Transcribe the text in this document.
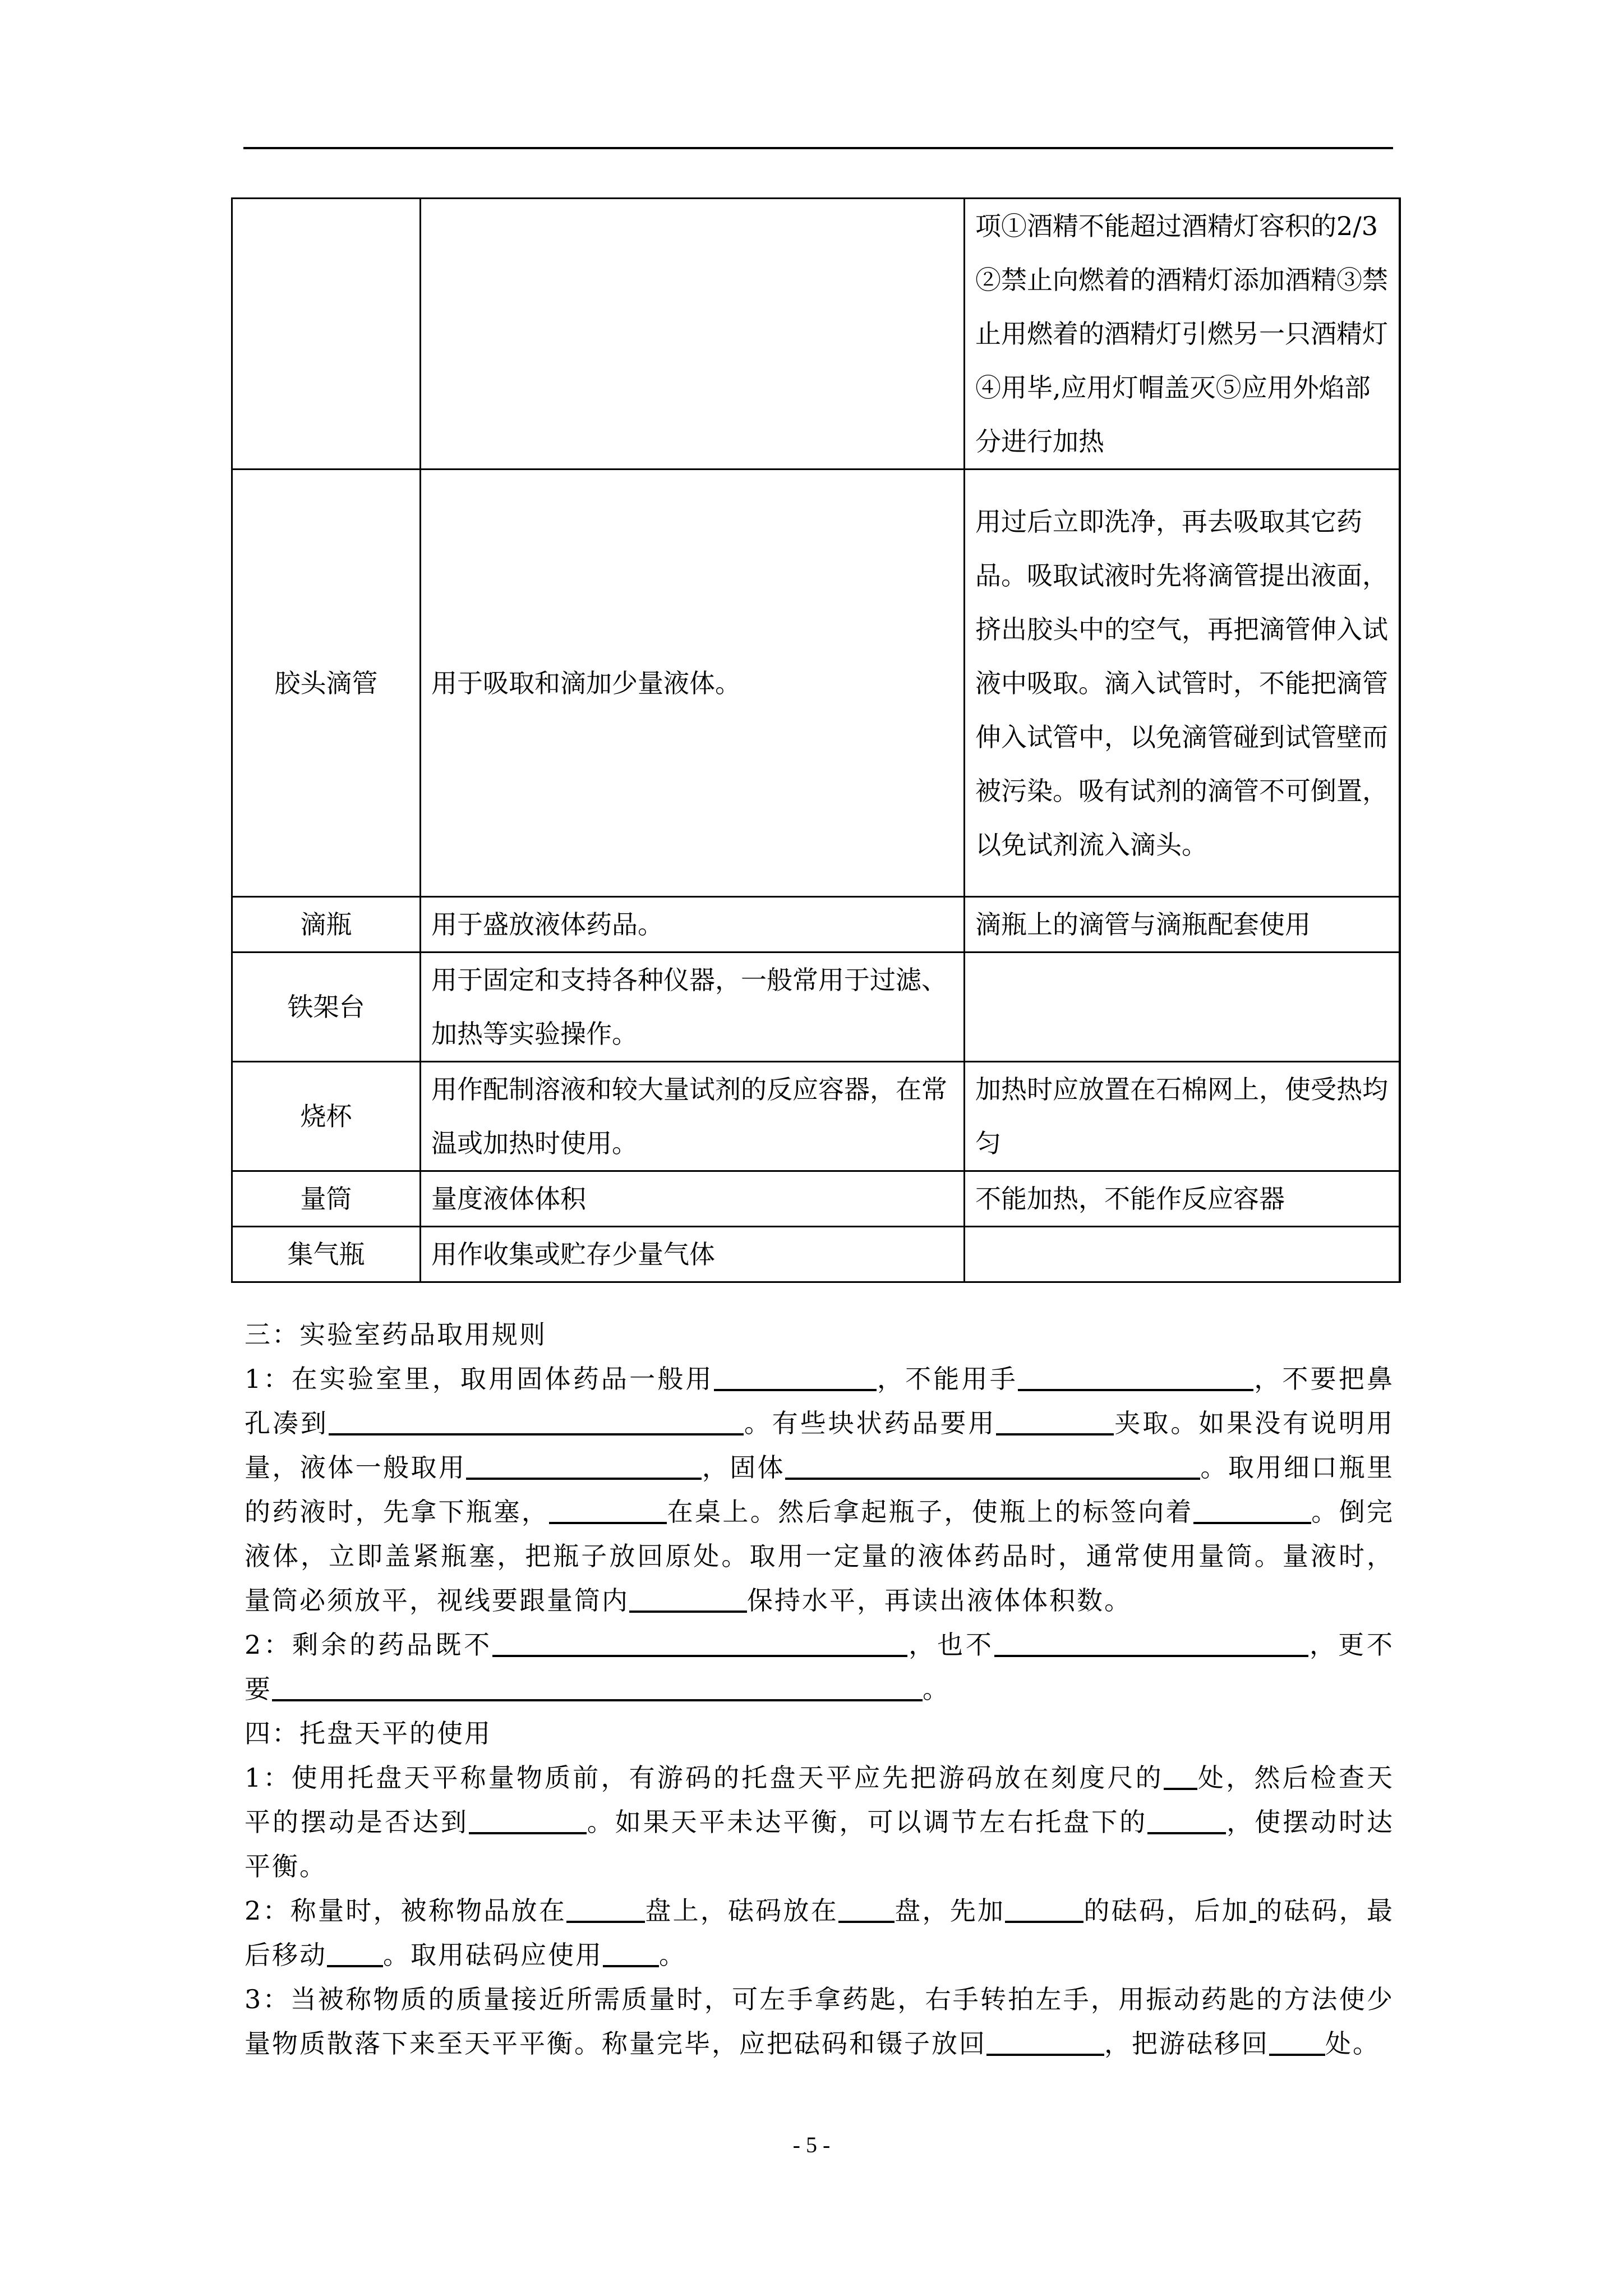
		项①酒精不能超过酒精灯容积的2/3②禁止向燃着的酒精灯添加酒精③禁止用燃着的酒精灯引燃另一只酒精灯④用毕,应用灯帽盖灭⑤应用外焰部分进行加热
胶头滴管	用于吸取和滴加少量液体。	用过后立即洗净，再去吸取其它药品。吸取试液时先将滴管提出液面，挤出胶头中的空气，再把滴管伸入试液中吸取。滴入试管时，不能把滴管伸入试管中，以免滴管碰到试管壁而被污染。吸有试剂的滴管不可倒置，以免试剂流入滴头。
滴瓶	用于盛放液体药品。	滴瓶上的滴管与滴瓶配套使用
铁架台	用于固定和支持各种仪器，一般常用于过滤、加热等实验操作。	
烧杯	用作配制溶液和较大量试剂的反应容器，在常温或加热时使用。	加热时应放置在石棉网上，使受热均匀
量筒	量度液体体积	不能加热，不能作反应容器
集气瓶	用作收集或贮存少量气体	

三：实验室药品取用规则

1：在实验室里，取用固体药品一般用	，不能用手	，不要把鼻孔凑到	。有些块状药品要用	夹取。如果没有说明用量，液体一般取用	，固体	。取用细口瓶里的药液时，先拿下瓶塞，	在桌上。然后拿起瓶子，使瓶上的标签向着	。倒完液体，立即盖紧瓶塞，把瓶子放回原处。取用一定量的液体药品时，通常使用量筒。量液时，量筒必须放平，视线要跟量筒内	保持水平，再读出液体体积数。

2：剩余的药品既不	，也不	，更不要	。

四：托盘天平的使用

1：使用托盘天平称量物质前，有游码的托盘天平应先把游码放在刻度尺的 处，然后检查天平的摆动是否达到	。如果天平未达平衡，可以调节左右托盘下的	，使摆动时达平衡。

2：称量时，被称物品放在	盘上，砝码放在 盘，先加	的砝码，后加 的砝码，最后移动 。取用砝码应使用 。

3：当被称物质的质量接近所需质量时，可左手拿药匙，右手转拍左手，用振动药匙的方法使少量物质散落下来至天平平衡。称量完毕，应把砝码和镊子放回	，把游砝移回 处。

- 5 -
